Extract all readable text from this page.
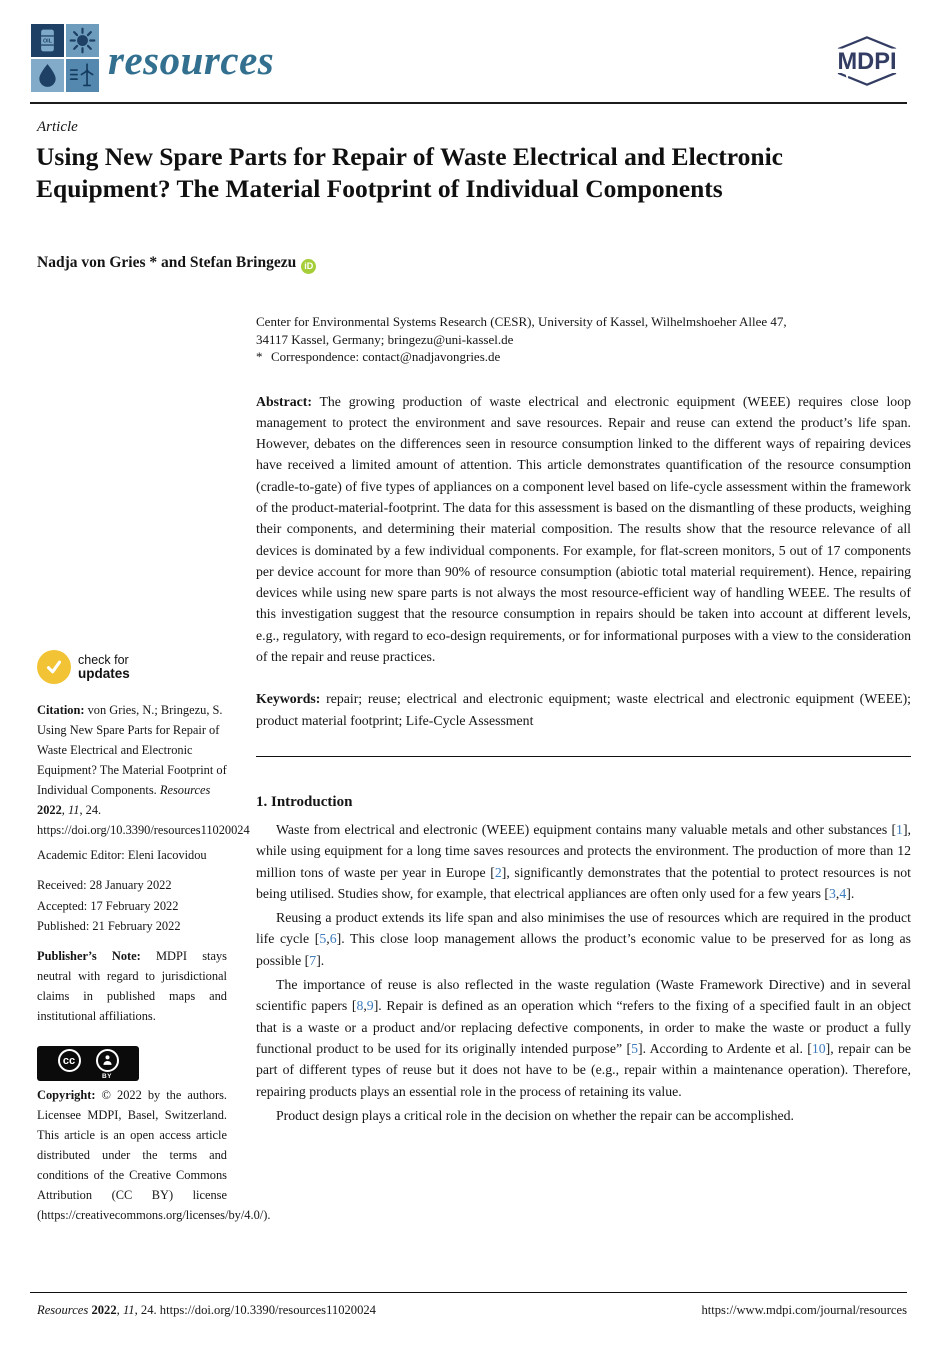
OIL resources	MDPI
Article
Using New Spare Parts for Repair of Waste Electrical and Electronic Equipment? The Material Footprint of Individual Components
Nadja von Gries * and Stefan Bringezu iD
Center for Environmental Systems Research (CESR), University of Kassel, Wilhelmshoeher Allee 47,
34117 Kassel, Germany; bringezu@uni-kassel.de
* Correspondence: contact@nadjavongries.de
Abstract: The growing production of waste electrical and electronic equipment (WEEE) requires close loop management to protect the environment and save resources. Repair and reuse can extend the product’s life span. However, debates on the differences seen in resource consumption linked to the different ways of repairing devices have received a limited amount of attention. This article demonstrates quantification of the resource consumption (cradle-to-gate) of five types of appliances on a component level based on life-cycle assessment within the framework of the product-material-footprint. The data for this assessment is based on the dismantling of these products, weighing their components, and determining their material composition. The results show that the resource relevance of all devices is dominated by a few individual components. For example, for flat-screen monitors, 5 out of 17 components per device account for more than 90% of resource consumption (abiotic total material requirement). Hence, repairing devices while using new spare parts is not always the most resource-efficient way of handling WEEE. The results of this investigation suggest that the resource consumption in repairs should be taken into account at different levels, e.g., regulatory, with regard to eco-design requirements, or for informational purposes with a view to the consideration of the repair and reuse practices.
Keywords: repair; reuse; electrical and electronic equipment; waste electrical and electronic equipment (WEEE); product material footprint; Life-Cycle Assessment
1. Introduction

Waste from electrical and electronic (WEEE) equipment contains many valuable metals and other substances [1], while using equipment for a long time saves resources and protects the environment. The production of more than 12 million tons of waste per year in Europe [2], significantly demonstrates that the potential to protect resources is not being utilised. Studies show, for example, that electrical appliances are often only used for a few years [3,4].

Reusing a product extends its life span and also minimises the use of resources which are required in the product life cycle [5,6]. This close loop management allows the product’s economic value to be preserved for as long as possible [7].

The importance of reuse is also reflected in the waste regulation (Waste Framework Directive) and in several scientific papers [8,9]. Repair is defined as an operation which “refers to the fixing of a specified fault in an object that is a waste or a product and/or replacing defective components, in order to make the waste or product a fully functional product to be used for its originally intended purpose” [5]. According to Ardente et al. [10], repair can be part of different types of reuse but it does not have to be (e.g., repair within a maintenance operation). Therefore, repairing products plays an essential role in the process of retaining its value.

Product design plays a critical role in the decision on whether the repair can be accomplished.

check for
updates
Citation: von Gries, N.; Bringezu, S. Using New Spare Parts for Repair of Waste Electrical and Electronic Equipment? The Material Footprint of Individual Components. Resources 2022, 11, 24. https://doi.org/10.3390/resources11020024
Academic Editor: Eleni Iacovidou
Received: 28 January 2022
Accepted: 17 February 2022
Published: 21 February 2022
Publisher’s Note: MDPI stays neutral with regard to jurisdictional claims in published maps and institutional affiliations.
cc
BY
Copyright: © 2022 by the authors. Licensee MDPI, Basel, Switzerland. This article is an open access article distributed under the terms and conditions of the Creative Commons Attribution (CC BY) license (https://creativecommons.org/licenses/by/4.0/).
Resources 2022, 11, 24. https://doi.org/10.3390/resources11020024	https://www.mdpi.com/journal/resources
